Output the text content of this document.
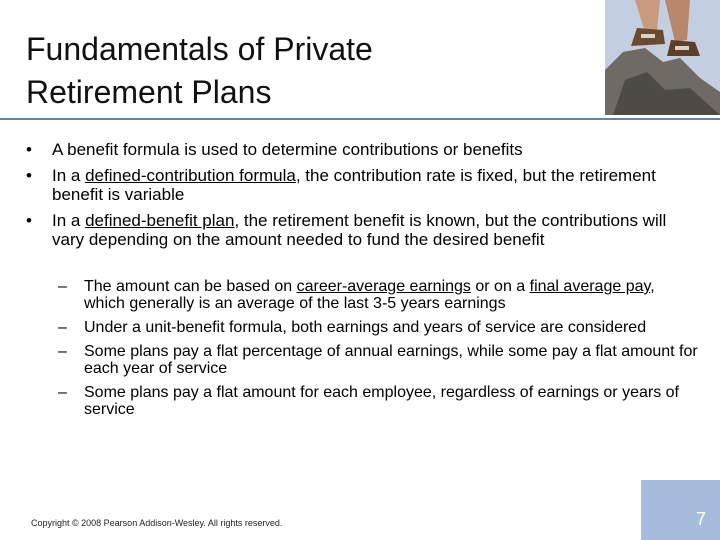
Fundamentals of Private
Retirement Plans
• A benefit formula is used to determine contributions or benefits
• In a defined-contribution formula, the contribution rate is fixed, but the retirement benefit is variable
• In a defined-benefit plan, the retirement benefit is known, but the contributions will vary depending on the amount needed to fund the desired benefit
– The amount can be based on career-average earnings or on a final average pay, which generally is an average of the last 3-5 years earnings
– Under a unit-benefit formula, both earnings and years of service are considered
– Some plans pay a flat percentage of annual earnings, while some pay a flat amount for each year of service
– Some plans pay a flat amount for each employee, regardless of earnings or years of service
Copyright © 2008 Pearson Addison-Wesley. All rights reserved.	7
